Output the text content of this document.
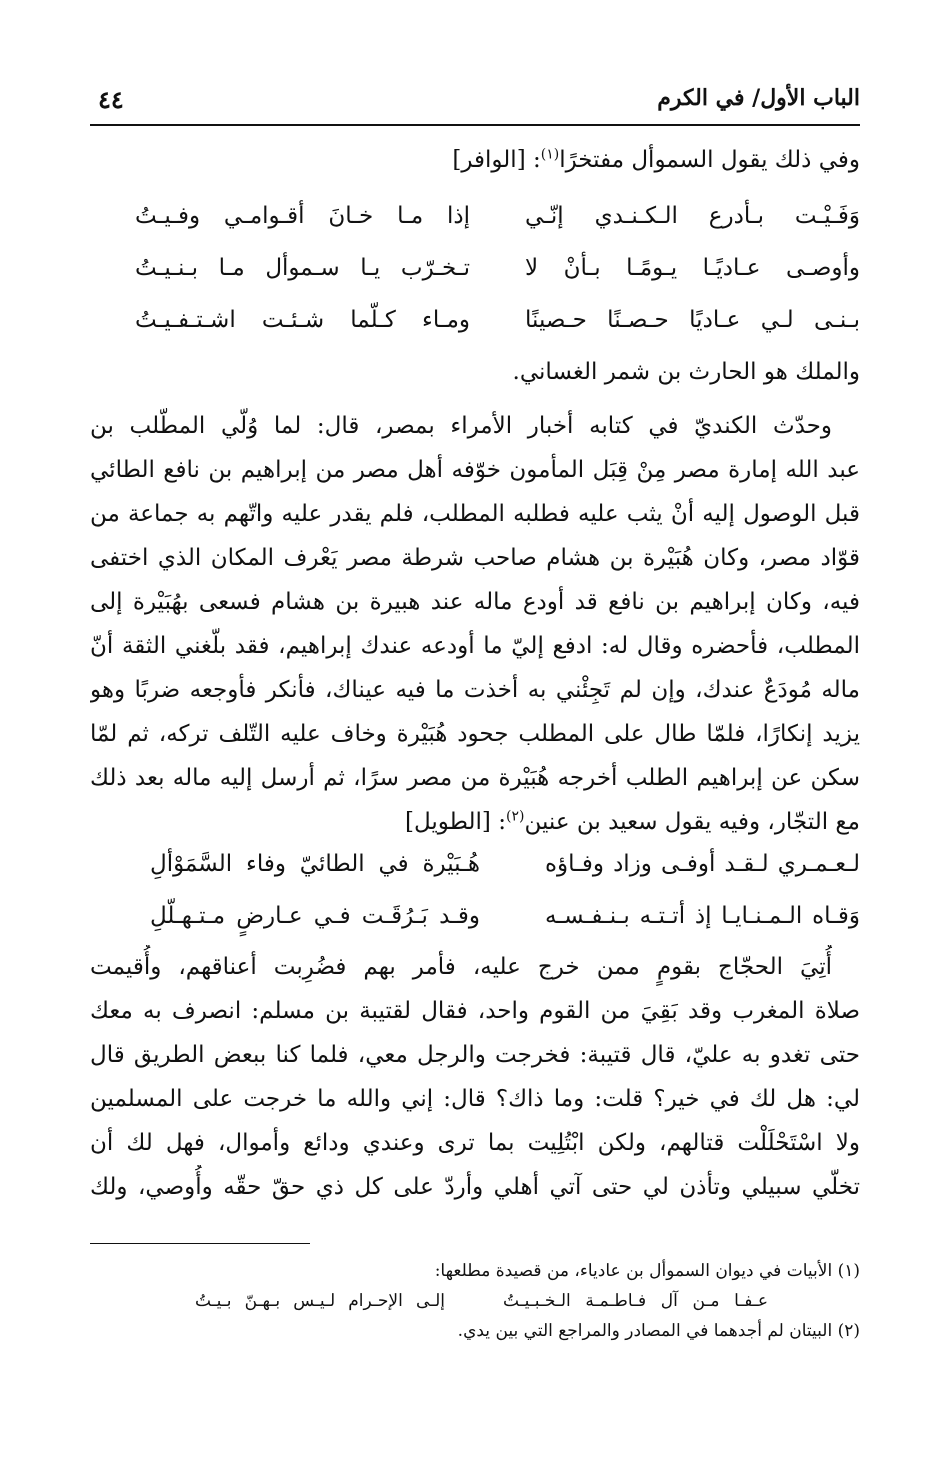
الباب الأول/ في الكرم
٤٤
وفي ذلك يقول السموأل مفتخرًا$^{(١)}$: [الوافر]
وَفَـيْـت بـأدرع الـكـنـدي إنّـي
إذا مـا خـانَ أقـوامـي وفـيـتُ
وأوصـى عـاديًـا يـومًـا بـأنْ لا
تـخـرّب يـا سـموأل مـا بـنـيـتُ
بـنـى لـي عـاديًا حـصـنًا حـصينًا
ومـاء كـلّما شـئـت اشـتـفـيـتُ
والملك هو الحارث بن شمر الغساني.
وحدّث الكنديّ في كتابه أخبار الأمراء بمصر، قال: لما وُلّي المطّلب بن
عبد الله إمارة مصر مِنْ قِبَل المأمون خوّفه أهل مصر من إبراهيم بن نافع الطائي
قبل الوصول إليه أنْ يثب عليه فطلبه المطلب، فلم يقدر عليه واتّهم به جماعة من
قوّاد مصر، وكان هُبَيْرة بن هشام صاحب شرطة مصر يَعْرف المكان الذي اختفى
فيه، وكان إبراهيم بن نافع قد أودع ماله عند هبيرة بن هشام فسعى بهُبَيْرة إلى
المطلب، فأحضره وقال له: ادفع إليّ ما أودعه عندك إبراهيم، فقد بلّغني الثقة أنّ
ماله مُودَعٌ عندك، وإن لم تَجِئْني به أخذت ما فيه عيناك، فأنكر فأوجعه ضربًا وهو
يزيد إنكارًا، فلمّا طال على المطلب جحود هُبَيْرة وخاف عليه التّلف تركه، ثم لمّا
سكن عن إبراهيم الطلب أخرجه هُبَيْرة من مصر سرًا، ثم أرسل إليه ماله بعد ذلك
مع التجّار، وفيه يقول سعيد بن عنين$^{(٢)}$: [الطويل]
لـعـمـري لـقـد أوفـى وزاد وفـاؤه
هُـبَيْرة في الطائيّ وفاء السَّمَوْألِ
وَقـاه الـمـنـايـا إذ أتـتـه بـنـفـسـه
وقـد بَـرُقَـت فـي عـارضٍ مـتـهـلّلِ
أُتِيَ الحجّاج بقومٍ ممن خرج عليه، فأمر بهم فضُرِبت أعناقهم، وأُقيمت
صلاة المغرب وقد بَقِيَ من القوم واحد، فقال لقتيبة بن مسلم: انصرف به معك
حتى تغدو به عليّ، قال قتيبة: فخرجت والرجل معي، فلما كنا ببعض الطريق قال
لي: هل لك في خير؟ قلت: وما ذاك؟ قال: إني والله ما خرجت على المسلمين
ولا اسْتَحْلَلْت قتالهم، ولكن ابْتُلِيت بما ترى وعندي ودائع وأموال، فهل لك أن
تخلّي سبيلي وتأذن لي حتى آتي أهلي وأردّ على كل ذي حقّ حقّه وأُوصي، ولك
(١) الأبيات في ديوان السموأل بن عادياء، من قصيدة مطلعها:
عـفـا مـن آل فـاطـمـة الـخـبـيـتُ
إلـى الإحـرام لـيـس بـهـنّ بـيـتُ
(٢) البيتان لم أجدهما في المصادر والمراجع التي بين يدي.
